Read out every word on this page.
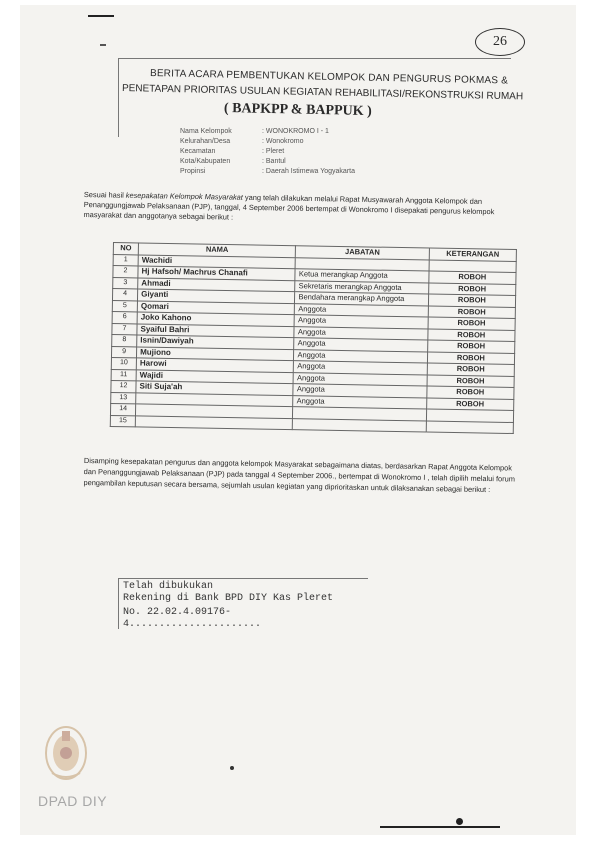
26
BERITA ACARA PEMBENTUKAN KELOMPOK DAN PENGURUS POKMAS &
PENETAPAN PRIORITAS USULAN KEGIATAN REHABILITASI/REKONSTRUKSI RUMAH
( BAPKPP & BAPPUK )
Nama Kelompok	: WONOKROMO I - 1
Kelurahan/Desa	: Wonokromo
Kecamatan	: Pleret
Kota/Kabupaten	: Bantul
Propinsi	: Daerah Istimewa Yogyakarta
Sesuai hasil kesepakatan Kelompok Masyarakat yang telah dilakukan melalui Rapat Musyawarah Anggota Kelompok dan Penanggungjawab Pelaksanaan (PJP), tanggal, 4 September 2006 bertempat di Wonokromo I disepakati pengurus kelompok masyarakat dan anggotanya sebagai berikut :
NO	NAMA	JABATAN	KETERANGAN
1	Wachidi		
2	Hj Hafsoh/ Machrus Chanafi	Ketua merangkap Anggota	ROBOH
3	Ahmadi	Sekretaris merangkap Anggota	ROBOH
4	Giyanti	Bendahara merangkap Anggota	ROBOH
5	Qomari	Anggota	ROBOH
6	Joko Kahono	Anggota	ROBOH
7	Syaiful Bahri	Anggota	ROBOH
8	Isnin/Dawiyah	Anggota	ROBOH
9	Mujiono	Anggota	ROBOH
10	Harowi	Anggota	ROBOH
11	Wajidi	Anggota	ROBOH
12	Siti Suja'ah	Anggota	ROBOH
13		Anggota	ROBOH
14			
15			
Disamping kesepakatan pengurus dan anggota kelompok Masyarakat sebagaimana diatas, berdasarkan Rapat Anggota Kelompok dan Penanggungjawab Pelaksanaan (PJP) pada tanggal 4 September 2006., bertempat di Wonokromo I , telah dipilih melalui forum pengambilan keputusan secara bersama, sejumlah usulan kegiatan yang diprioritaskan untuk dilaksanakan sebagai berikut :
Telah dibukukan
Rekening di Bank BPD DIY Kas Pleret
No. 22.02.4.09176-4......................
DPAD DIY
